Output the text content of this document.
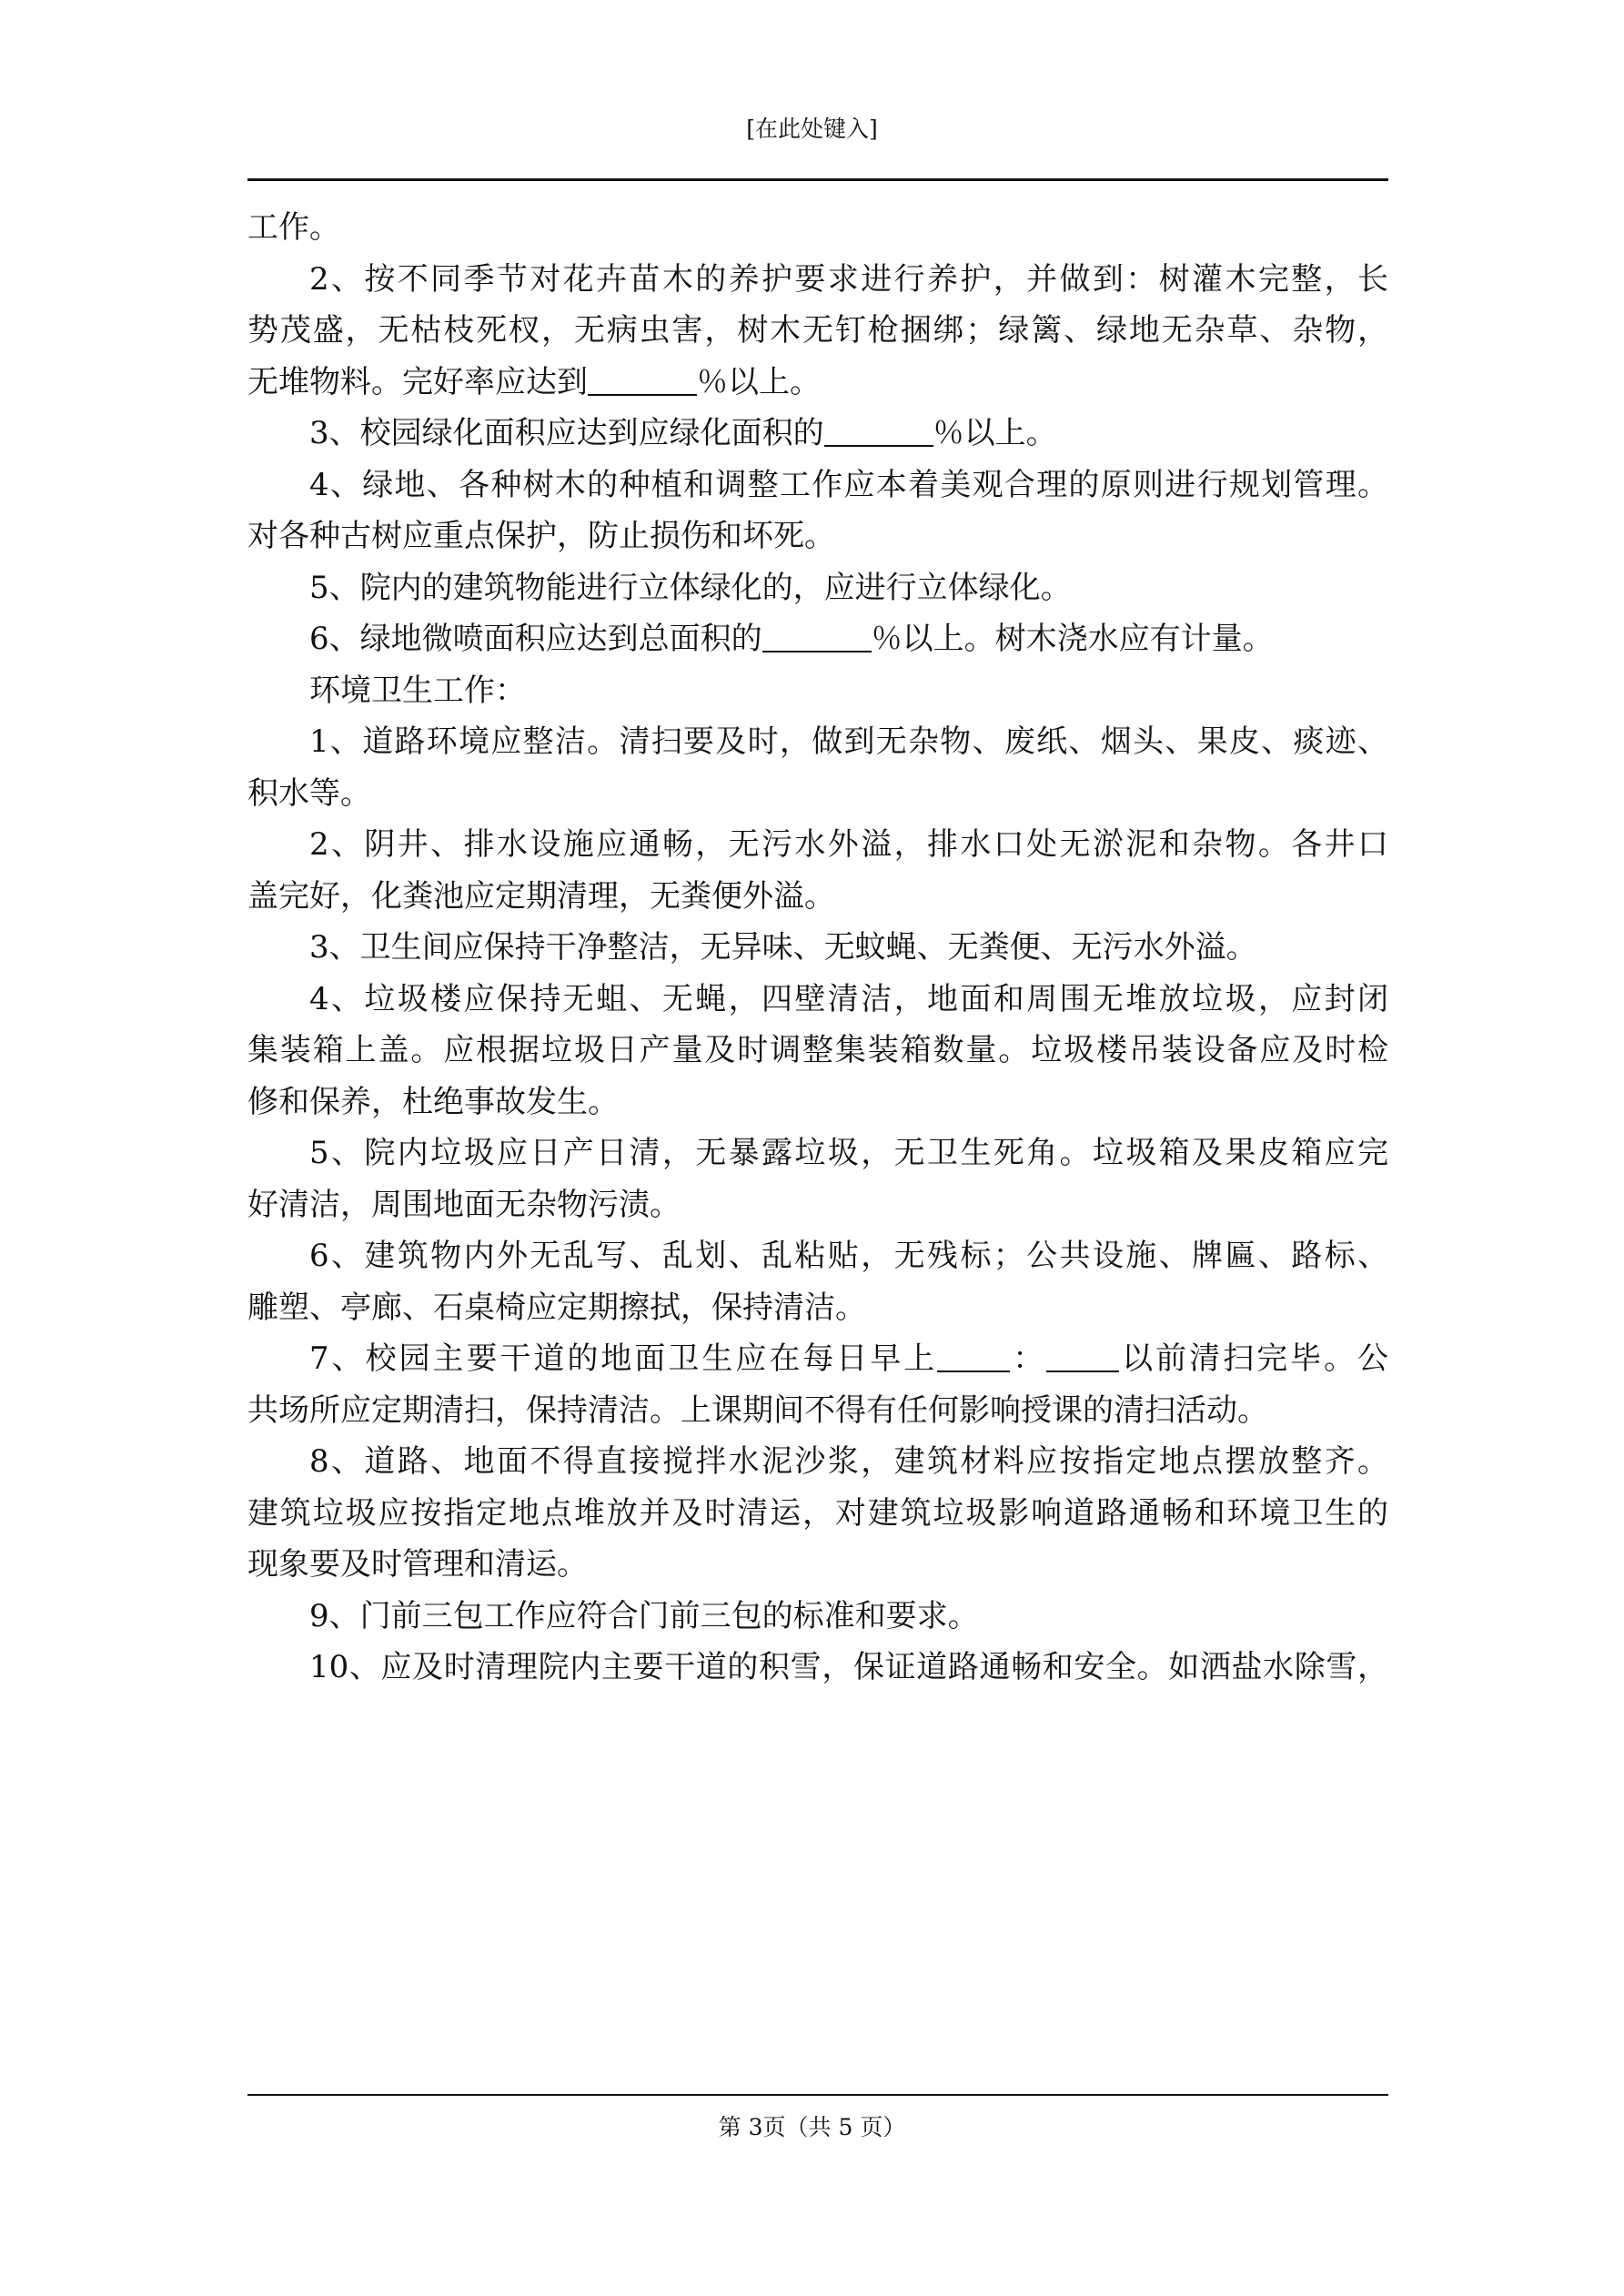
[在此处键入]

工作。

2、按不同季节对花卉苗木的养护要求进行养护，并做到：树灌木完整，长
势茂盛，无枯枝死杈，无病虫害，树木无钉枪捆绑；绿篱、绿地无杂草、杂物，
无堆物料。完好率应达到	％以上。

3、校园绿化面积应达到应绿化面积的	％以上。

4、绿地、各种树木的种植和调整工作应本着美观合理的原则进行规划管理。
对各种古树应重点保护，防止损伤和坏死。

5、院内的建筑物能进行立体绿化的，应进行立体绿化。

6、绿地微喷面积应达到总面积的	％以上。树木浇水应有计量。

环境卫生工作：

1、道路环境应整洁。清扫要及时，做到无杂物、废纸、烟头、果皮、痰迹、
积水等。

2、阴井、排水设施应通畅，无污水外溢，排水口处无淤泥和杂物。各井口
盖完好，化粪池应定期清理，无粪便外溢。

3、卫生间应保持干净整洁，无异味、无蚊蝇、无粪便、无污水外溢。

4、垃圾楼应保持无蛆、无蝇，四壁清洁，地面和周围无堆放垃圾，应封闭
集装箱上盖。应根据垃圾日产量及时调整集装箱数量。垃圾楼吊装设备应及时检
修和保养，杜绝事故发生。

5、院内垃圾应日产日清，无暴露垃圾，无卫生死角。垃圾箱及果皮箱应完
好清洁，周围地面无杂物污渍。

6、建筑物内外无乱写、乱划、乱粘贴，无残标；公共设施、牌匾、路标、
雕塑、亭廊、石桌椅应定期擦拭，保持清洁。

7、校园主要干道的地面卫生应在每日早上 ： 以前清扫完毕。公
共场所应定期清扫，保持清洁。上课期间不得有任何影响授课的清扫活动。

8、道路、地面不得直接搅拌水泥沙浆，建筑材料应按指定地点摆放整齐。
建筑垃圾应按指定地点堆放并及时清运，对建筑垃圾影响道路通畅和环境卫生的
现象要及时管理和清运。

9、门前三包工作应符合门前三包的标准和要求。

10、应及时清理院内主要干道的积雪，保证道路通畅和安全。如洒盐水除雪，

第 3页（共 5 页）
